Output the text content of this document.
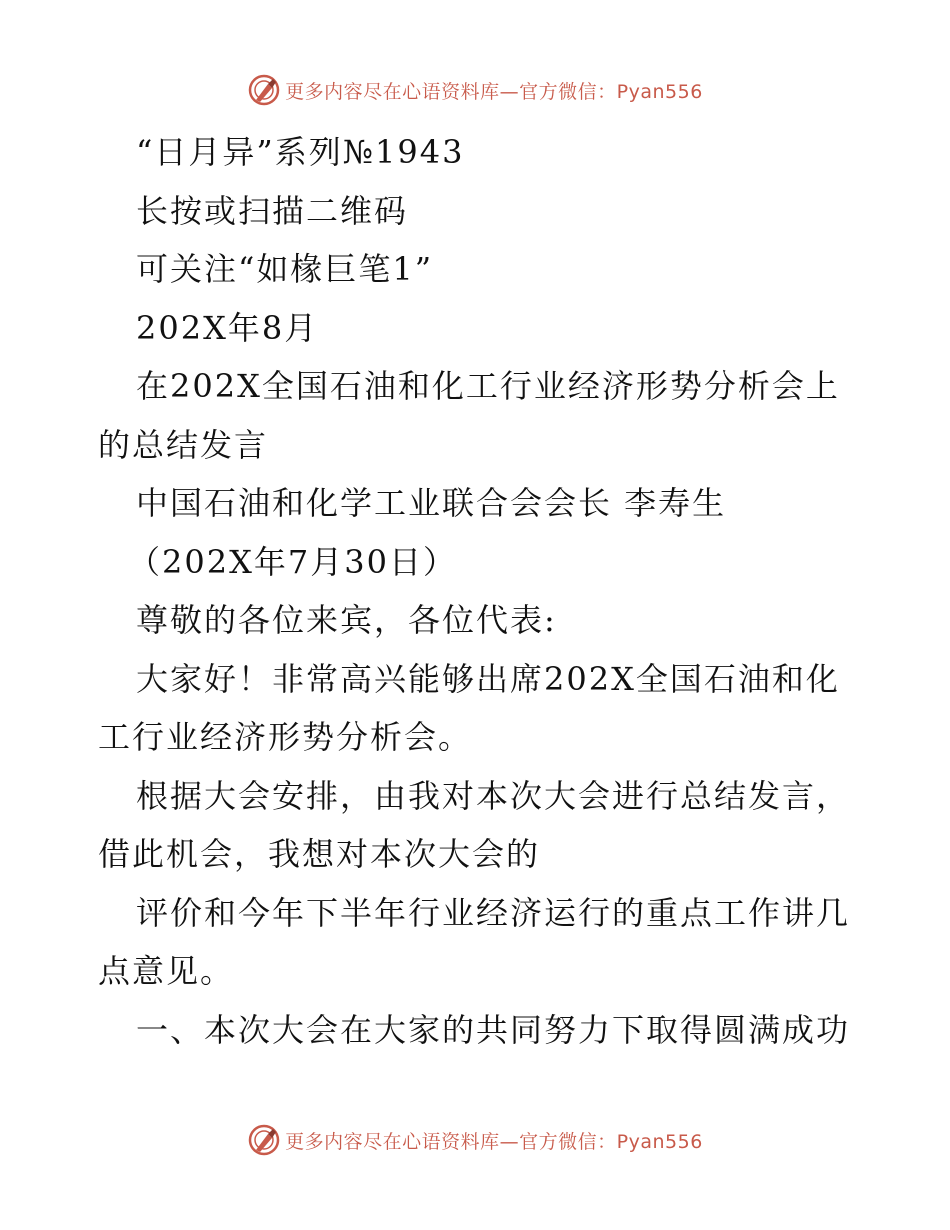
更多内容尽在心语资料库—官方微信：Pyan556
“日月异”系列№1943
长按或扫描二维码
可关注“如椽巨笔1”
202X年8月
在202X全国石油和化工行业经济形势分析会上
的总结发言
中国石油和化学工业联合会会长 李寿生
（202X年7月30日）
尊敬的各位来宾，各位代表:
大家好！非常高兴能够出席202X全国石油和化
工行业经济形势分析会。
根据大会安排，由我对本次大会进行总结发言，
借此机会，我想对本次大会的
评价和今年下半年行业经济运行的重点工作讲几
点意见。
一、本次大会在大家的共同努力下取得圆满成功
更多内容尽在心语资料库—官方微信：Pyan556
